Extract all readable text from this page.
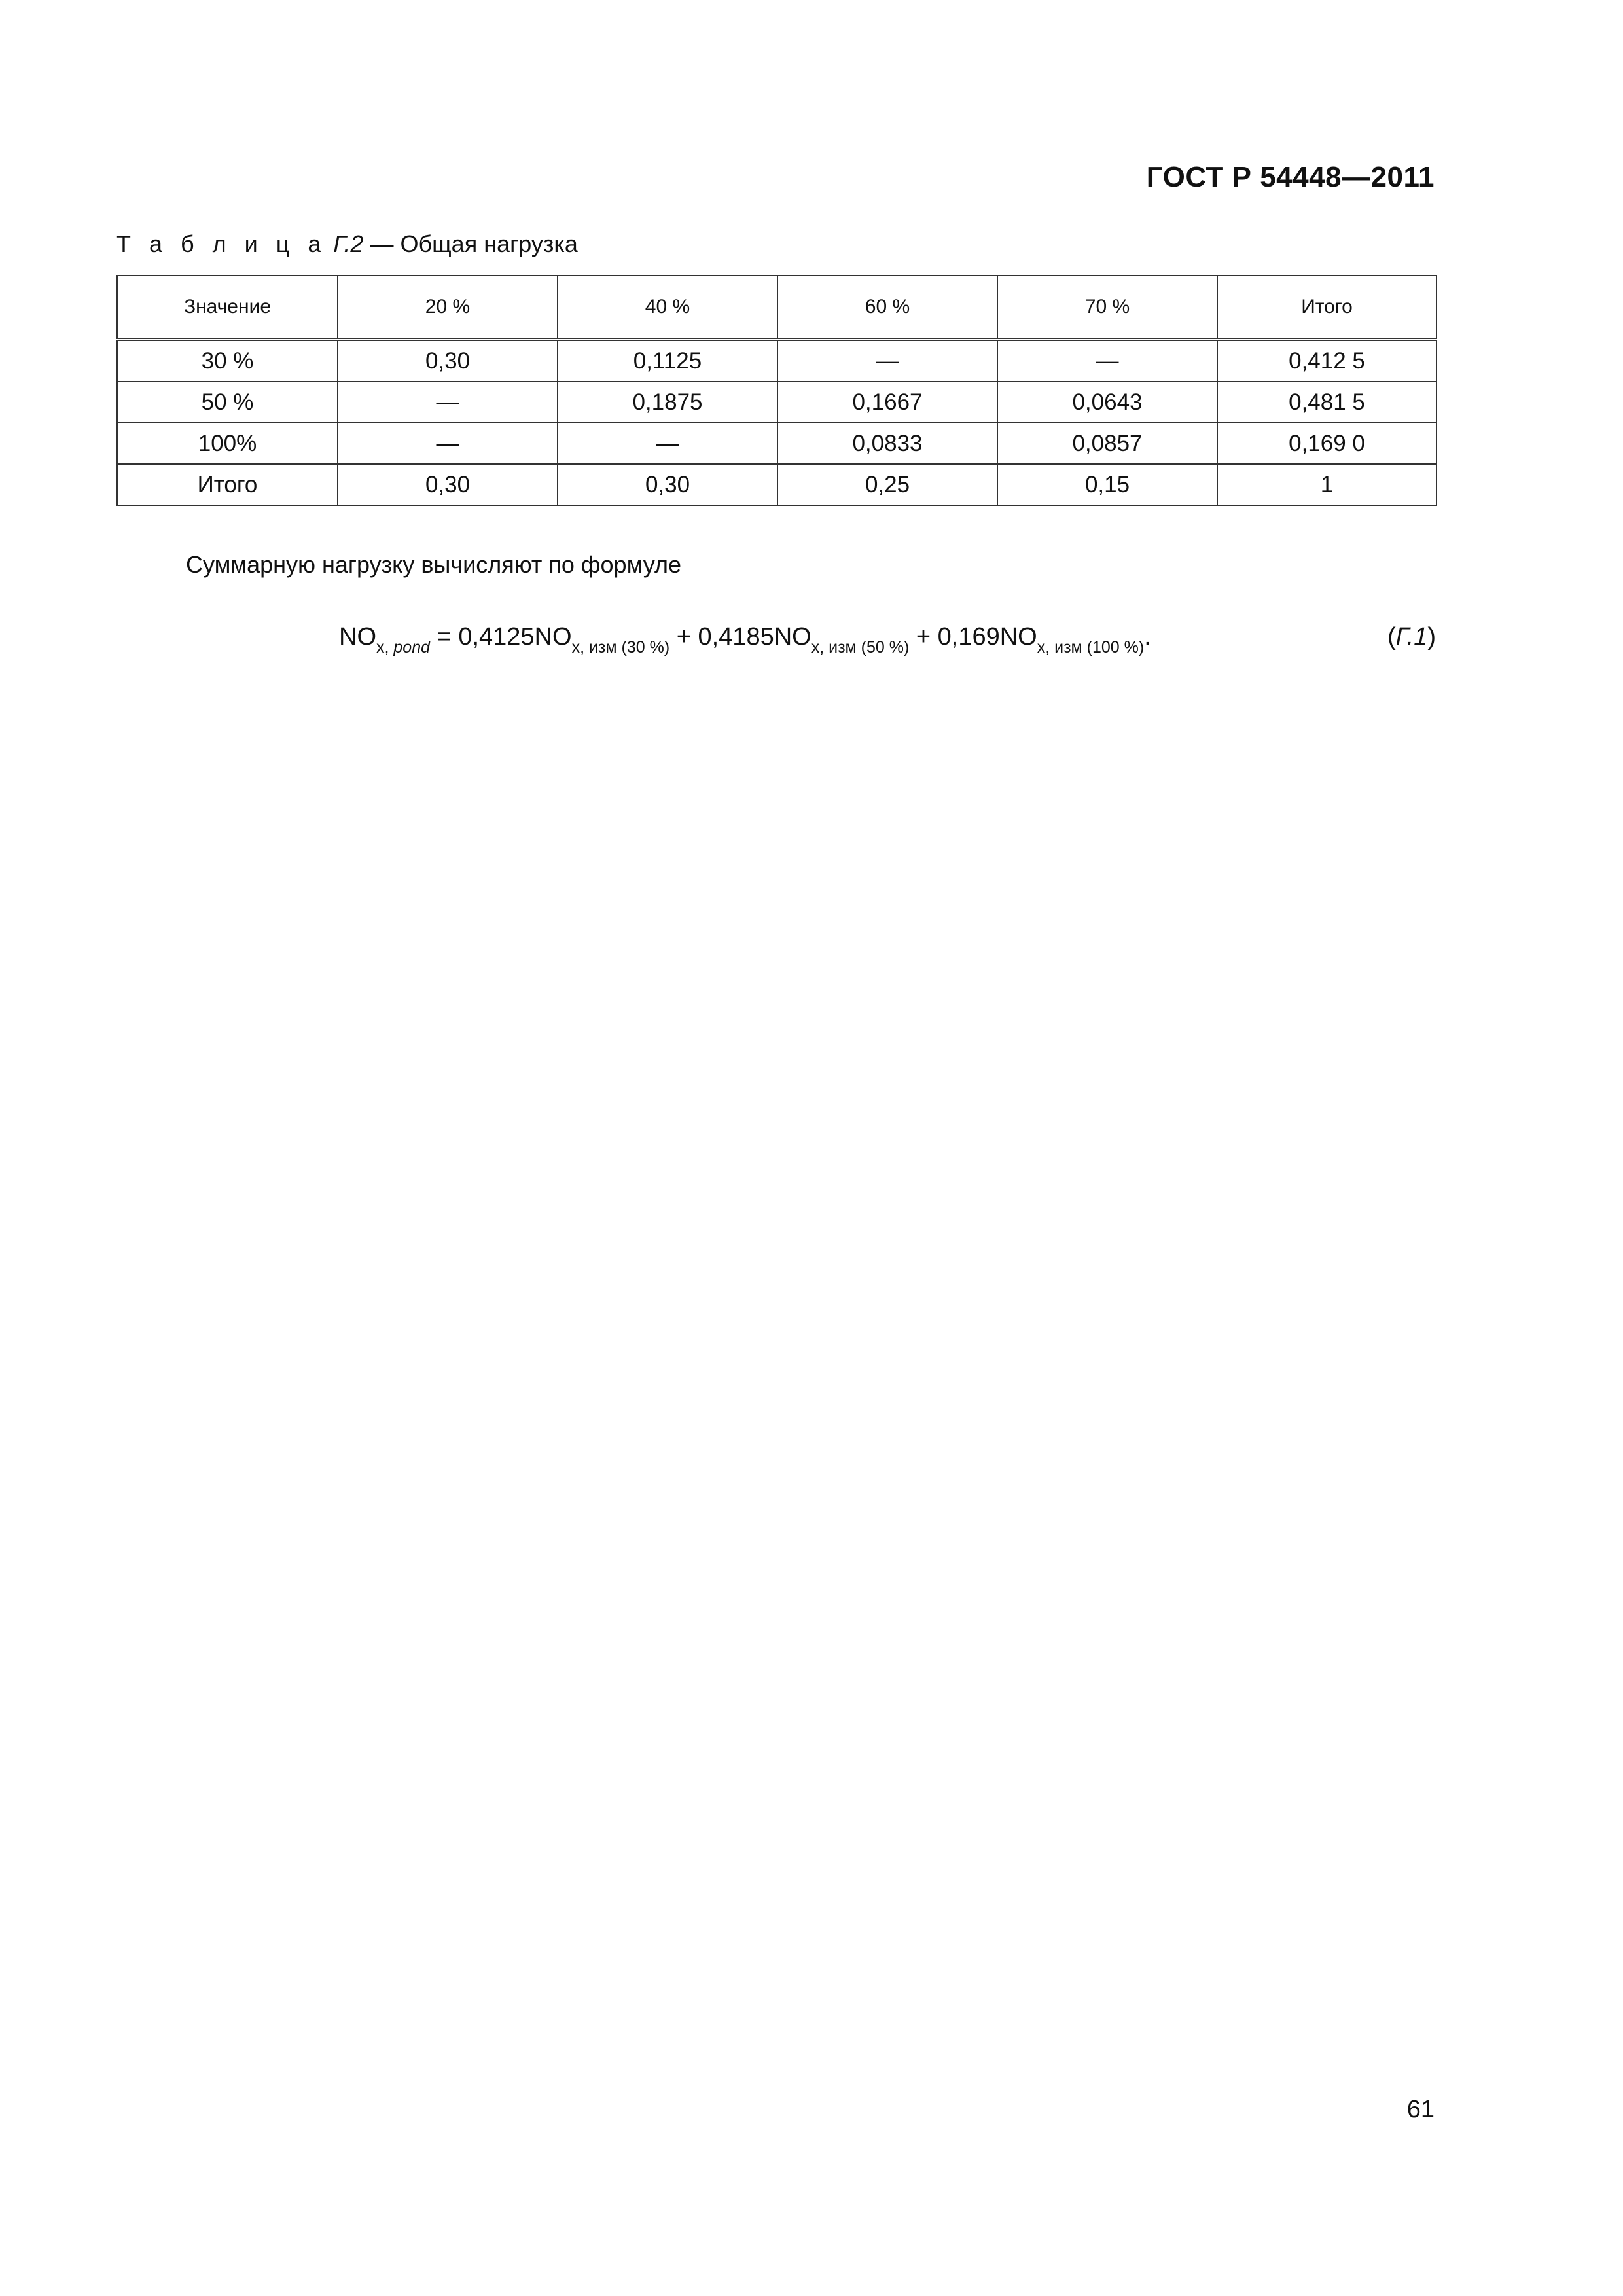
ГОСТ Р 54448—2011
Т а б л и ц а Г.2 — Общая нагрузка
Значение	20 %	40 %	60 %	70 %	Итого
30 %	0,30	0,1125	—	—	0,412 5
50 %	—	0,1875	0,1667	0,0643	0,481 5
100%	—	—	0,0833	0,0857	0,169 0
Итого	0,30	0,30	0,25	0,15	1
Суммарную нагрузку вычисляют по формуле
$NO_{x, pond} = 0,4125NO_{x, изм (30 \%)} + 0,4185NO_{x, изм (50 \%)} + 0,169NO_{x, изм (100 \%)}$.	(Г.1)
61
